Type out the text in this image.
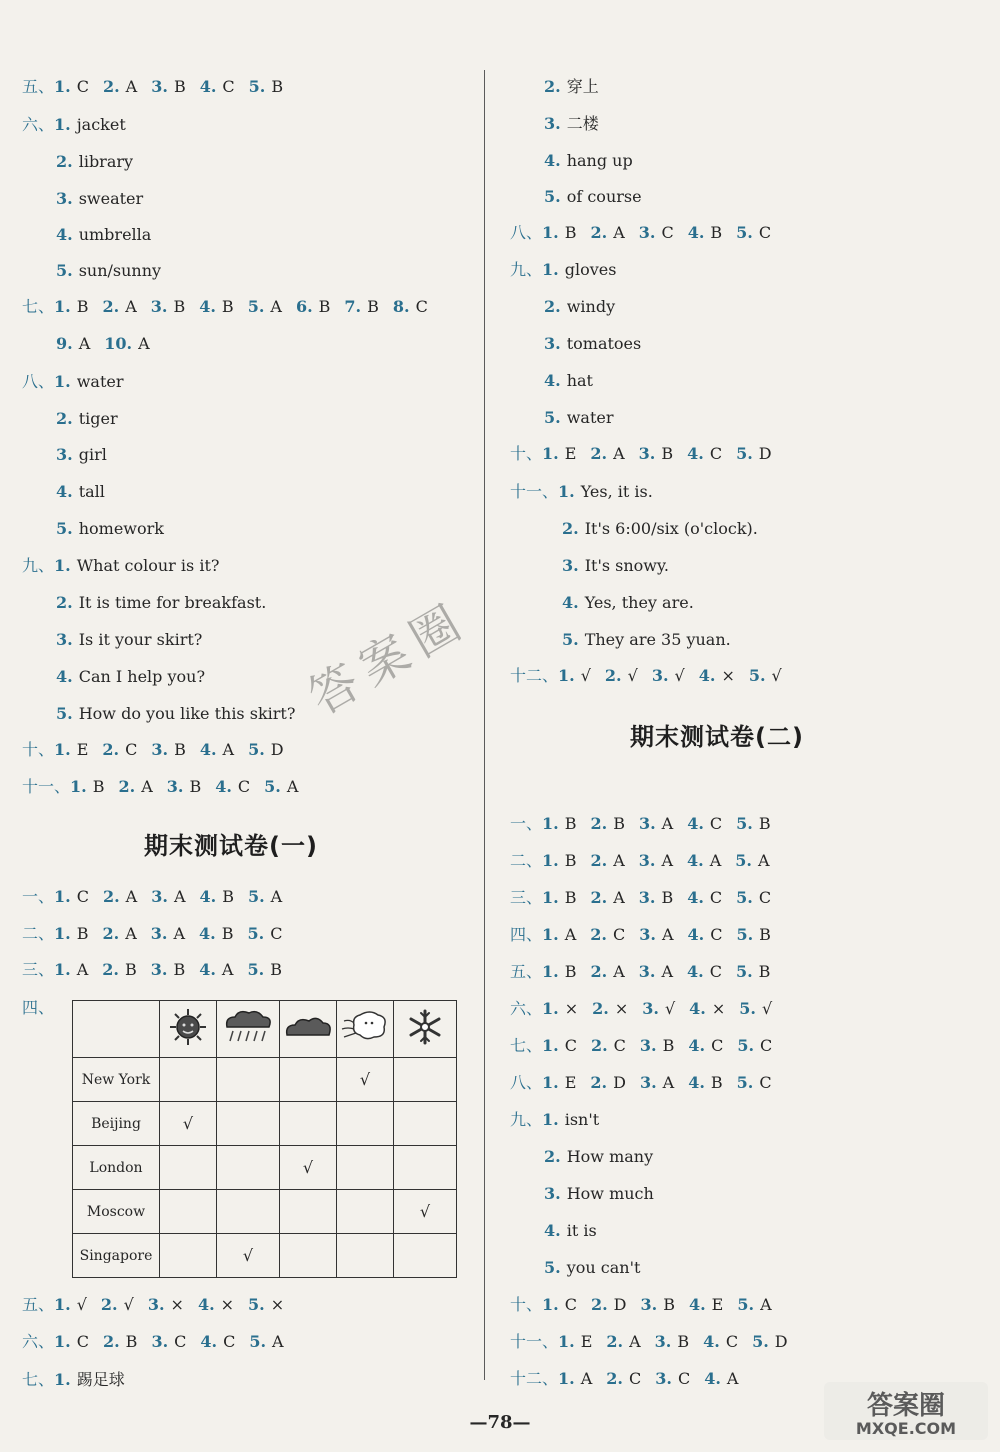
五、1. C 2. A 3. B 4. C 5. B
六、1. jacket
2. library
3. sweater
4. umbrella
5. sun/sunny
七、1. B 2. A 3. B 4. B 5. A 6. B 7. B 8. C
9. A 10. A
八、1. water
2. tiger
3. girl
4. tall
5. homework
九、1. What colour is it?
2. It is time for breakfast.
3. Is it your skirt?
4. Can I help you?
5. How do you like this skirt?
十、1. E 2. C 3. B 4. A 5. D
十一、1. B 2. A 3. B 4. C 5. A
期末测试卷(一)
一、1. C 2. A 3. A 4. B 5. A
二、1. B 2. A 3. A 4. B 5. C
三、1. A 2. B 3. B 4. A 5. B
四、

New York				√	
Beijing	√				
London			√		
Moscow					√
Singapore		√			
五、1. √ 2. √ 3. × 4. × 5. ×
六、1. C 2. B 3. C 4. C 5. A
七、1. 踢足球
2. 穿上
3. 二楼
4. hang up
5. of course
八、1. B 2. A 3. C 4. B 5. C
九、1. gloves
2. windy
3. tomatoes
4. hat
5. water
十、1. E 2. A 3. B 4. C 5. D
十一、1. Yes, it is.
2. It's 6:00/six (o'clock).
3. It's snowy.
4. Yes, they are.
5. They are 35 yuan.
十二、1. √ 2. √ 3. √ 4. × 5. √
期末测试卷(二)
一、1. B 2. B 3. A 4. C 5. B
二、1. B 2. A 3. A 4. A 5. A
三、1. B 2. A 3. B 4. C 5. C
四、1. A 2. C 3. A 4. C 5. B
五、1. B 2. A 3. A 4. C 5. B
六、1. × 2. × 3. √ 4. × 5. √
七、1. C 2. C 3. B 4. C 5. C
八、1. E 2. D 3. A 4. B 5. C
九、1. isn't
2. How many
3. How much
4. it is
5. you can't
十、1. C 2. D 3. B 4. E 5. A
十一、1. E 2. A 3. B 4. C 5. D
十二、1. A 2. C 3. C 4. A
答案圈
—78—
答案圈
MXQE.COM
